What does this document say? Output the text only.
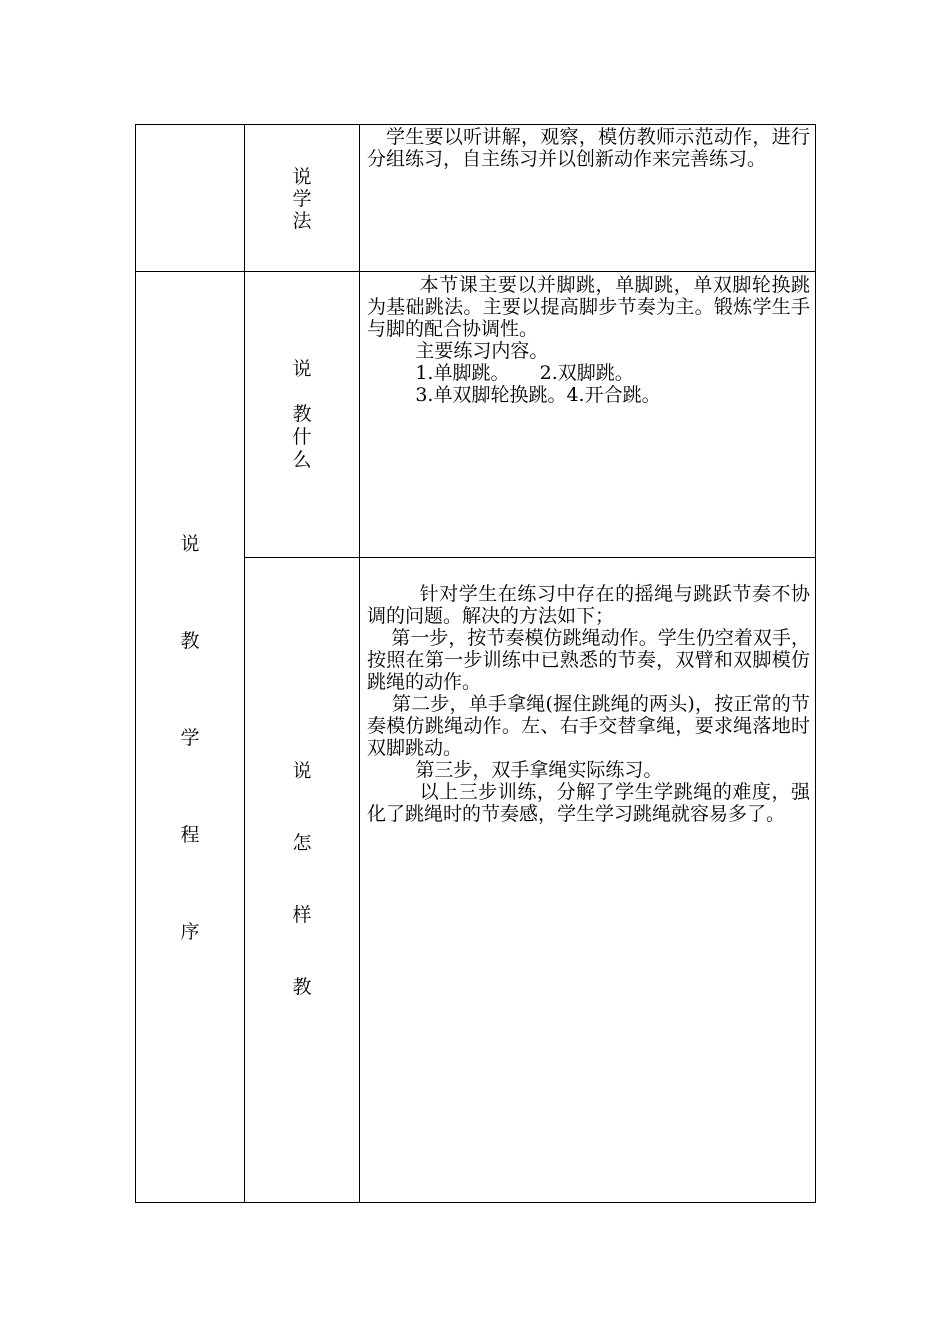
说
学
法

学生要以听讲解，观察，模仿教师示范动作，进行分组练习，自主练习并以创新动作来完善练习。

说
教
学
程
序
说
教
什
么

本节课主要以并脚跳，单脚跳，单双脚轮换跳为基础跳法。主要以提高脚步节奏为主。锻炼学生手与脚的配合协调性。

主要练习内容。

1.单脚跳。     2.双脚跳。

3.单双脚轮换跳。4.开合跳。

说
怎
样
教

针对学生在练习中存在的摇绳与跳跃节奏不协调的问题。解决的方法如下；

第一步，按节奏模仿跳绳动作。学生仍空着双手，按照在第一步训练中已熟悉的节奏，双臂和双脚模仿跳绳的动作。

第二步，单手拿绳(握住跳绳的两头)，按正常的节奏模仿跳绳动作。左、右手交替拿绳，要求绳落地时双脚跳动。

第三步，双手拿绳实际练习。

以上三步训练，分解了学生学跳绳的难度，强化了跳绳时的节奏感，学生学习跳绳就容易多了。
